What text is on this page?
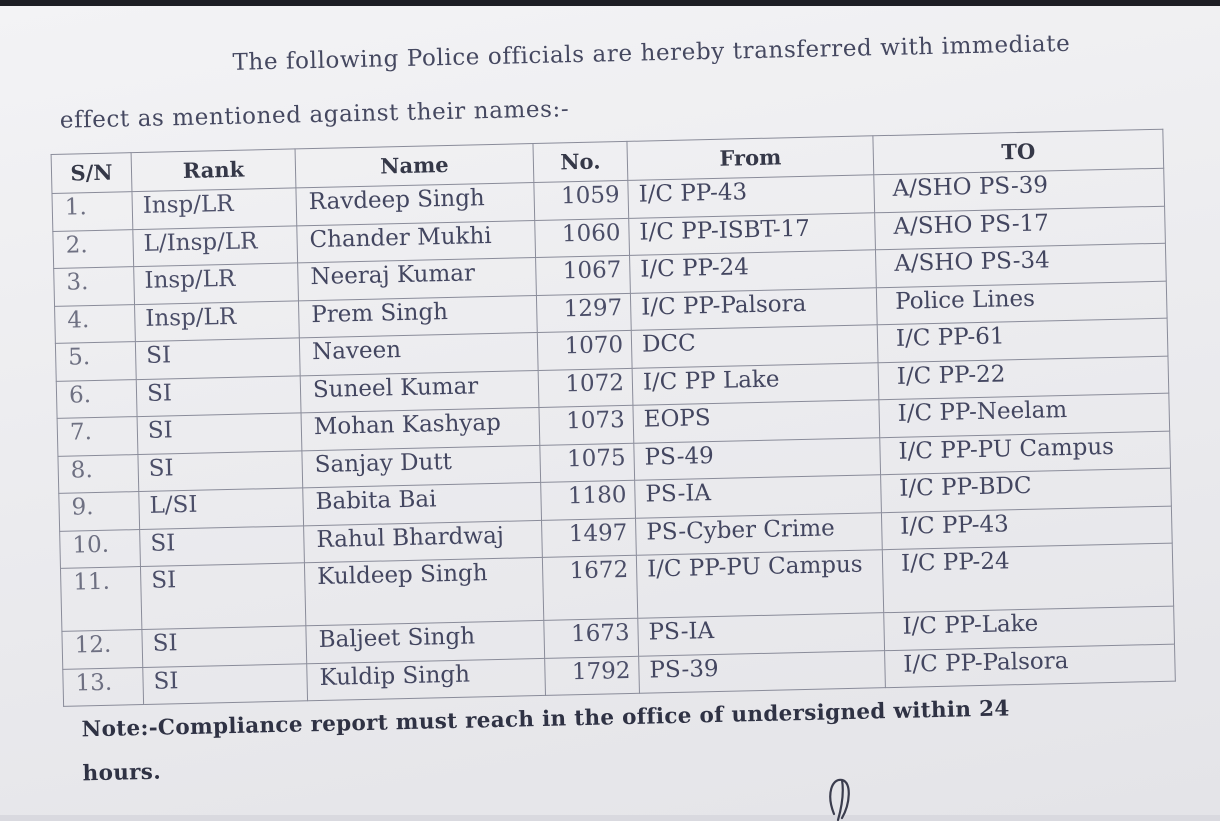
The following Police officials are hereby transferred with immediate
effect as mentioned against their names:-
S/N	Rank	Name	No.	From	TO
1.	Insp/LR	Ravdeep Singh	1059	I/C PP-43	A/SHO PS-39
2.	L/Insp/LR	Chander Mukhi	1060	I/C PP-ISBT-17	A/SHO PS-17
3.	Insp/LR	Neeraj Kumar	1067	I/C PP-24	A/SHO PS-34
4.	Insp/LR	Prem Singh	1297	I/C PP-Palsora	Police Lines
5.	SI	Naveen	1070	DCC	I/C PP-61
6.	SI	Suneel Kumar	1072	I/C PP Lake	I/C PP-22
7.	SI	Mohan Kashyap	1073	EOPS	I/C PP-Neelam
8.	SI	Sanjay Dutt	1075	PS-49	I/C PP-PU Campus
9.	L/SI	Babita Bai	1180	PS-IA	I/C PP-BDC
10.	SI	Rahul Bhardwaj	1497	PS-Cyber Crime	I/C PP-43
11.	SI	Kuldeep Singh	1672	I/C PP-PU Campus	I/C PP-24
12.	SI	Baljeet Singh	1673	PS-IA	I/C PP-Lake
13.	SI	Kuldip Singh	1792	PS-39	I/C PP-Palsora
Note:-Compliance report must reach in the office of undersigned within 24
hours.
